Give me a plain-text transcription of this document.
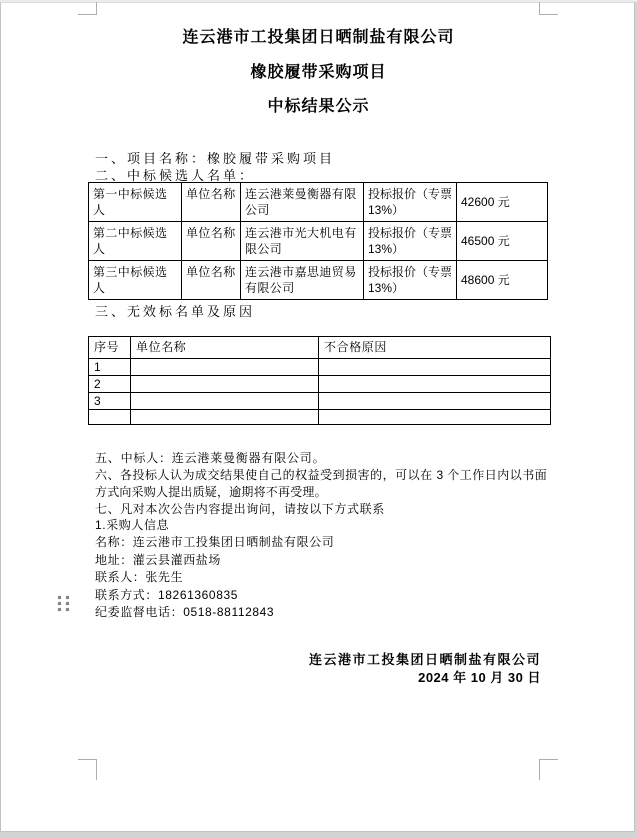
连云港市工投集团日晒制盐有限公司
橡胶履带采购项目
中标结果公示
一、项目名称：橡胶履带采购项目
二、中标候选人名单：
第一中标候选人	单位名称	连云港莱曼衡器有限公司	投标报价（专票13%）	42600 元
第二中标候选人	单位名称	连云港市光大机电有限公司	投标报价（专票13%）	46500 元
第三中标候选人	单位名称	连云港市嘉思迪贸易有限公司	投标报价（专票13%）	48600 元
三、无效标名单及原因
序号	单位名称	不合格原因
1		
2		
3		

五、中标人：连云港莱曼衡器有限公司。
六、各投标人认为成交结果使自己的权益受到损害的，可以在 3 个工作日内以书面方式向采购人提出质疑，逾期将不再受理。
七、凡对本次公告内容提出询问，请按以下方式联系
1.采购人信息
名称：连云港市工投集团日晒制盐有限公司
地址：灌云县灌西盐场
联系人：张先生
联系方式：18261360835
纪委监督电话：0518-88112843
连云港市工投集团日晒制盐有限公司
2024 年 10 月 30 日
